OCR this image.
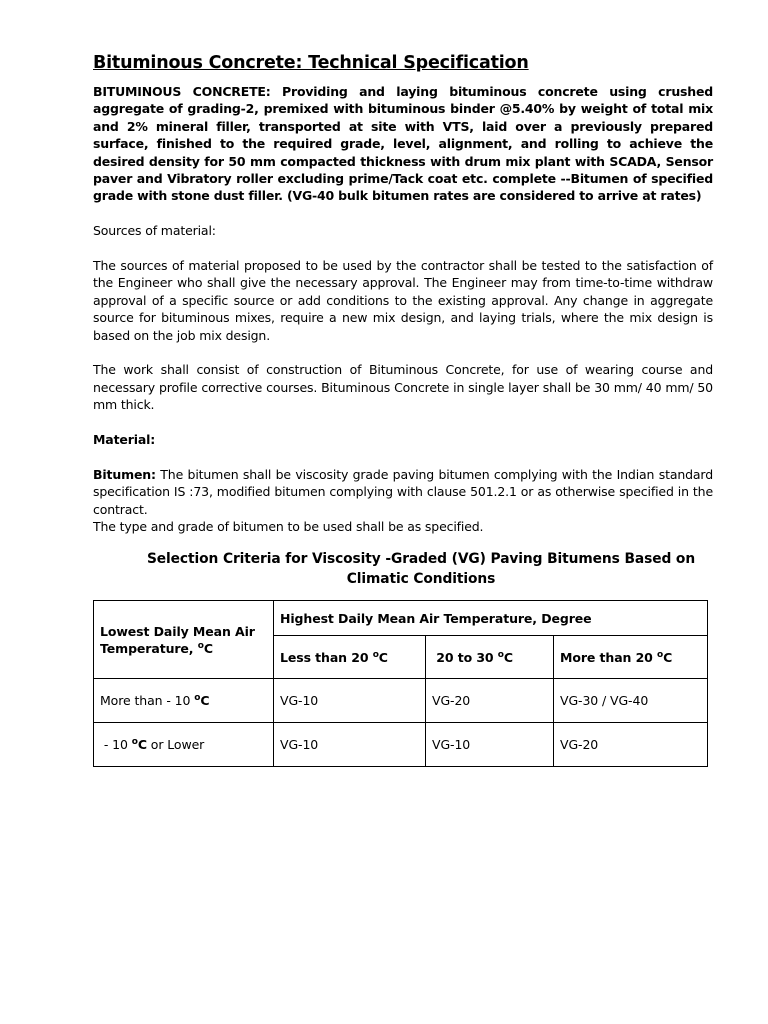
Bituminous Concrete: Technical Specification

BITUMINOUS CONCRETE: Providing and laying bituminous concrete using crushed aggregate of grading-2, premixed with bituminous binder @5.40% by weight of total mix and 2% mineral filler, transported at site with VTS, laid over a previously prepared surface, finished to the required grade, level, alignment, and rolling to achieve the desired density for 50 mm compacted thickness with drum mix plant with SCADA, Sensor paver and Vibratory roller excluding prime/Tack coat etc. complete --Bitumen of specified grade with stone dust filler. (VG-40 bulk bitumen rates are considered to arrive at rates)

Sources of material:

The sources of material proposed to be used by the contractor shall be tested to the satisfaction of the Engineer who shall give the necessary approval. The Engineer may from time-to-time withdraw approval of a specific source or add conditions to the existing approval. Any change in aggregate source for bituminous mixes, require a new mix design, and laying trials, where the mix design is based on the job mix design.

The work shall consist of construction of Bituminous Concrete, for use of wearing course and necessary profile corrective courses. Bituminous Concrete in single layer shall be 30 mm/ 40 mm/ 50 mm thick.

Material:

Bitumen: The bitumen shall be viscosity grade paving bitumen complying with the Indian standard specification IS :73, modified bitumen complying with clause 501.2.1 or as otherwise specified in the contract.

The type and grade of bitumen to be used shall be as specified.

Selection Criteria for Viscosity -Graded (VG) Paving Bitumens Based on Climatic Conditions
Lowest Daily Mean Air Temperature, $^o$C	Highest Daily Mean Air Temperature, Degree		
	Less than 20 $^o$C	20 to 30 $^o$C	More than 20 $^o$C
More than - 10 $^o$C	VG-10	VG-20	VG-30 / VG-40
- 10 $^o$C or Lower	VG-10	VG-10	VG-20
